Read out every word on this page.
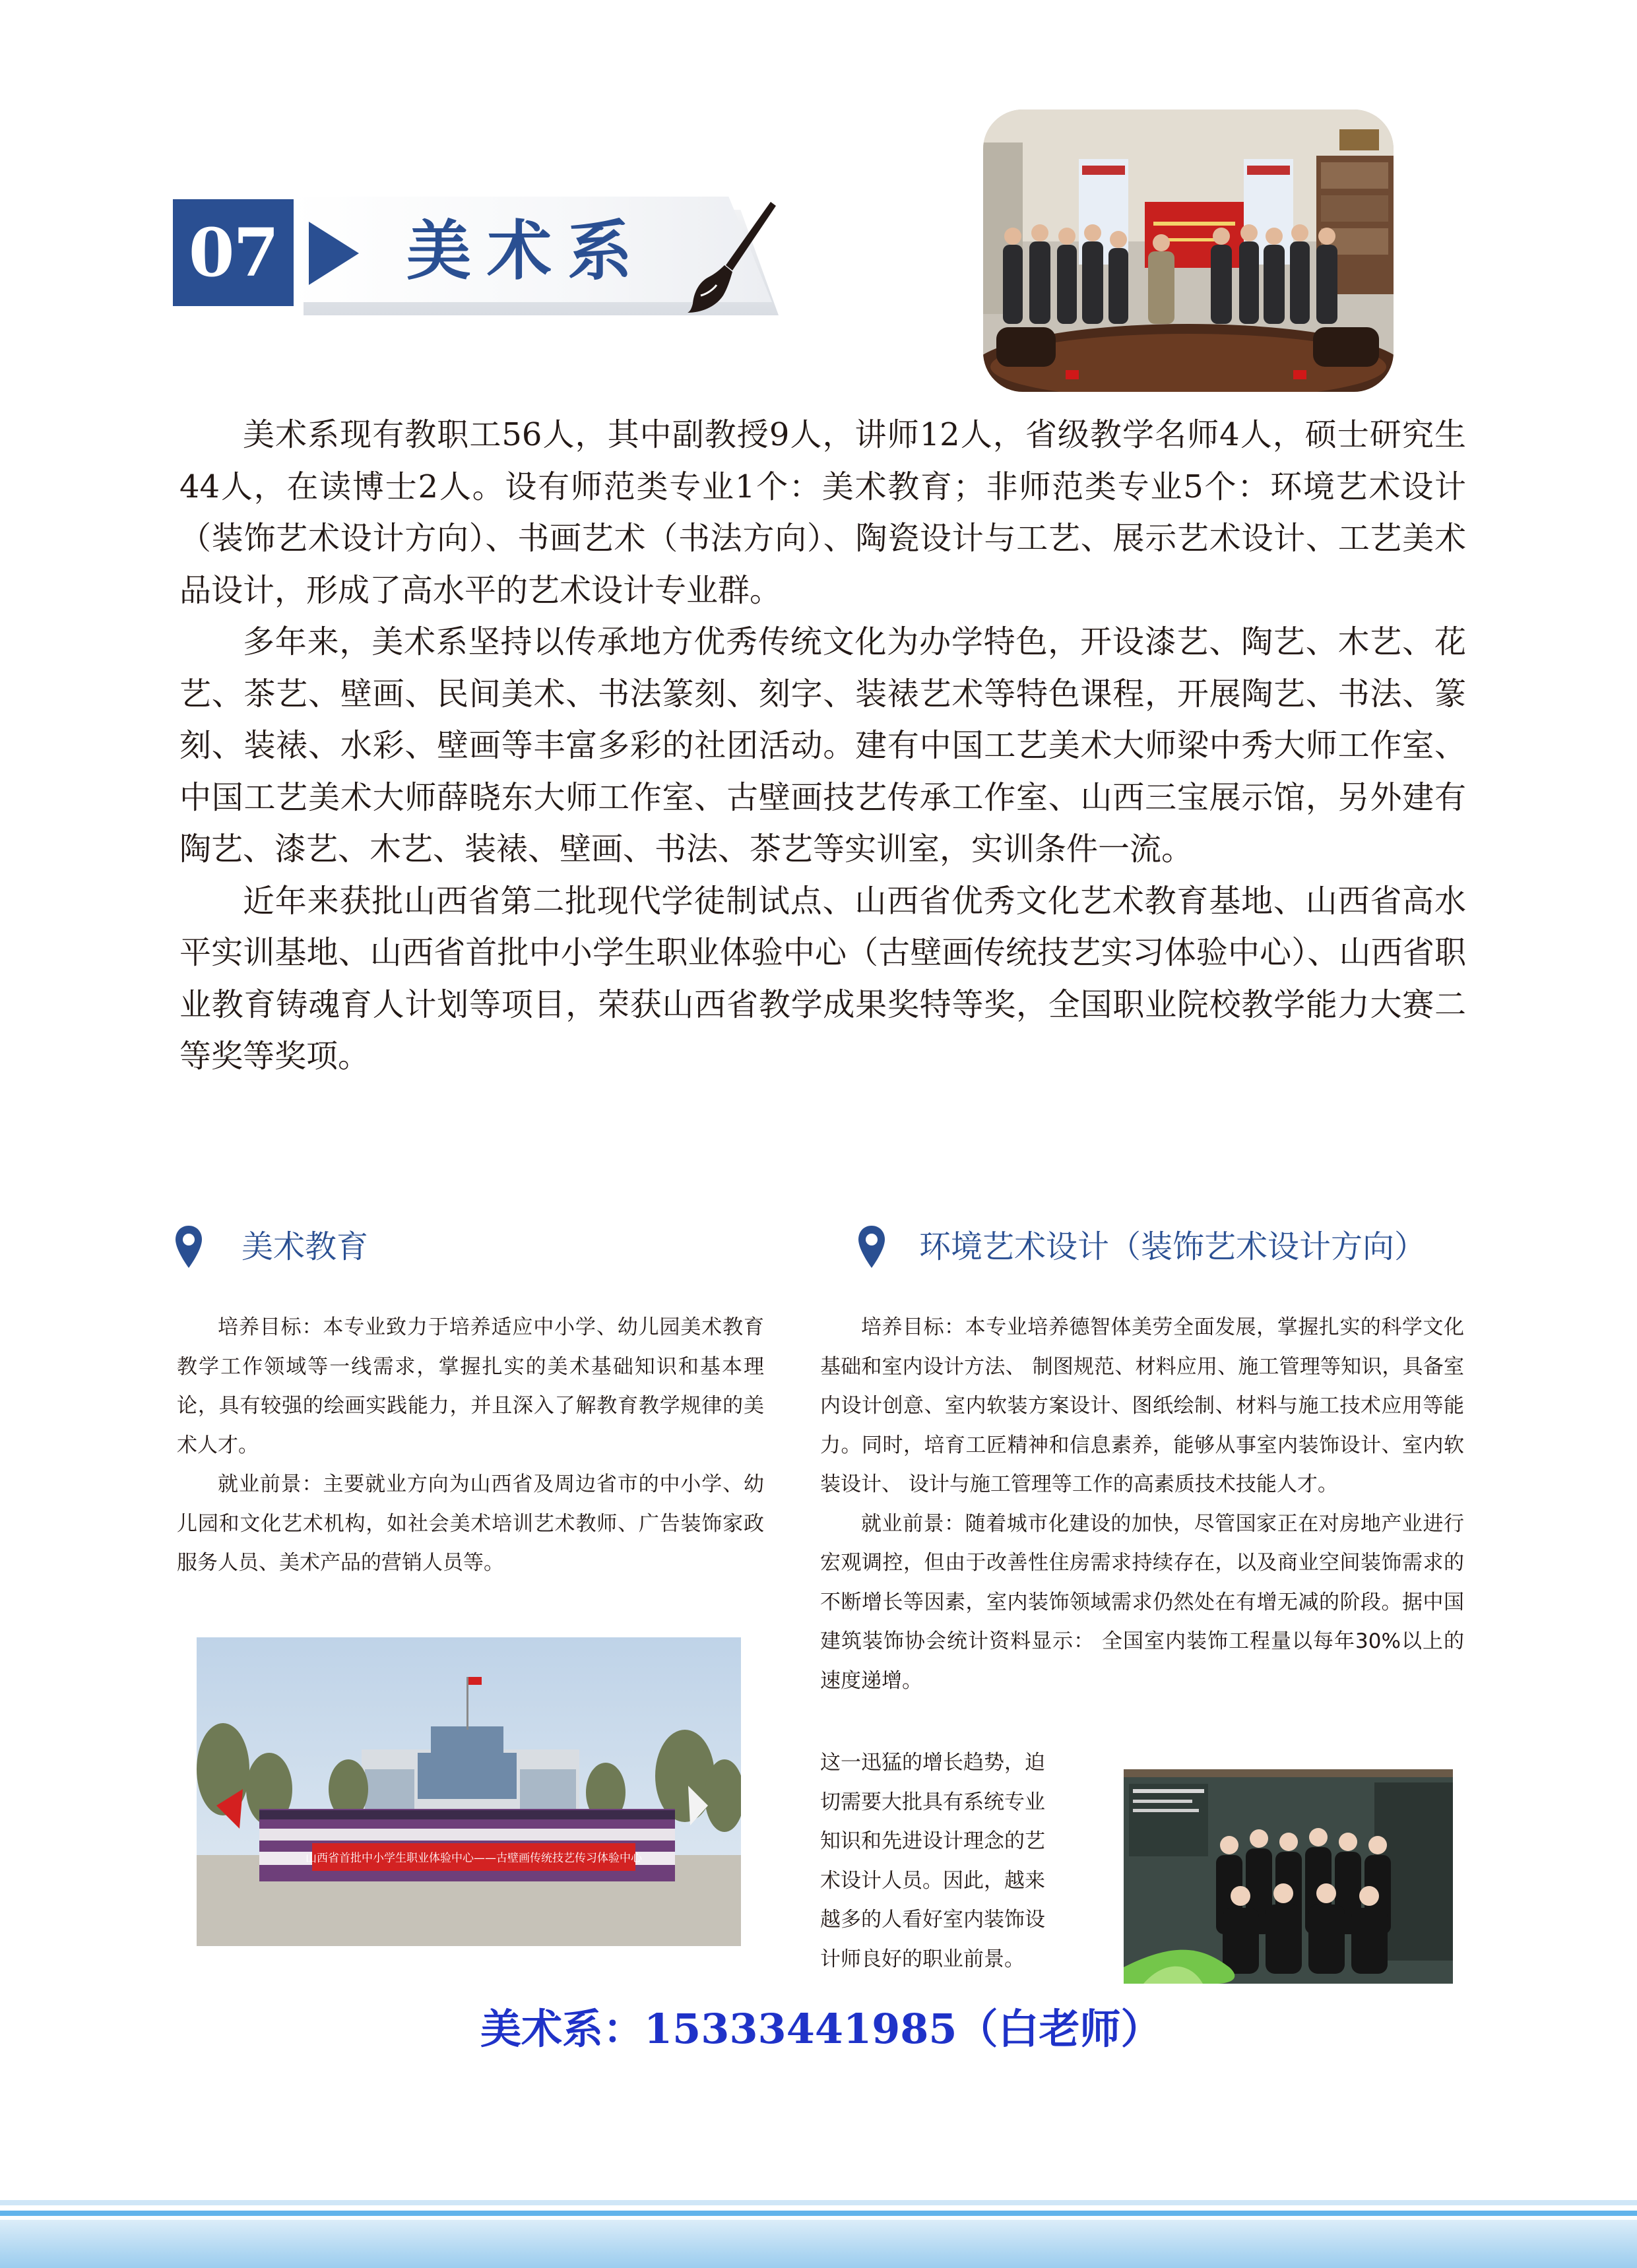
07 美术系

美术系现有教职工56人，其中副教授9人，讲师12人，省级教学名师4人，硕士研究生44人，在读博士2人。设有师范类专业1个：美术教育；非师范类专业5个：环境艺术设计（装饰艺术设计方向）、书画艺术（书法方向）、陶瓷设计与工艺、展示艺术设计、工艺美术品设计，形成了高水平的艺术设计专业群。

多年来，美术系坚持以传承地方优秀传统文化为办学特色，开设漆艺、陶艺、木艺、花艺、茶艺、壁画、民间美术、书法篆刻、刻字、装裱艺术等特色课程，开展陶艺、书法、篆刻、装裱、水彩、壁画等丰富多彩的社团活动。建有中国工艺美术大师梁中秀大师工作室、中国工艺美术大师薛晓东大师工作室、古壁画技艺传承工作室、山西三宝展示馆，另外建有陶艺、漆艺、木艺、装裱、壁画、书法、茶艺等实训室，实训条件一流。

近年来获批山西省第二批现代学徒制试点、山西省优秀文化艺术教育基地、山西省高水平实训基地、山西省首批中小学生职业体验中心（古壁画传统技艺实习体验中心）、山西省职业教育铸魂育人计划等项目，荣获山西省教学成果奖特等奖，全国职业院校教学能力大赛二等奖等奖项。

美术教育

培养目标：本专业致力于培养适应中小学、幼儿园美术教育教学工作领域等一线需求，掌握扎实的美术基础知识和基本理论，具有较强的绘画实践能力，并且深入了解教育教学规律的美术人才。

就业前景：主要就业方向为山西省及周边省市的中小学、幼儿园和文化艺术机构，如社会美术培训艺术教师、广告装饰家政服务人员、美术产品的营销人员等。

山西省首批中小学生职业体验中心——古壁画传统技艺传习体验中心
环境艺术设计（装饰艺术设计方向）

培养目标：本专业培养德智体美劳全面发展，掌握扎实的科学文化基础和室内设计方法、 制图规范、材料应用、施工管理等知识，具备室内设计创意、室内软装方案设计、图纸绘制、材料与施工技术应用等能力。同时，培育工匠精神和信息素养，能够从事室内装饰设计、室内软装设计、 设计与施工管理等工作的高素质技术技能人才。

就业前景：随着城市化建设的加快，尽管国家正在对房地产业进行宏观调控，但由于改善性住房需求持续存在，以及商业空间装饰需求的不断增长等因素，室内装饰领域需求仍然处在有增无减的阶段。据中国建筑装饰协会统计资料显示： 全国室内装饰工程量以每年30%以上的速度递增。

这一迅猛的增长趋势，迫
切需要大批具有系统专业
知识和先进设计理念的艺
术设计人员。因此，越来
越多的人看好室内装饰设
计师良好的职业前景。
美术系：15333441985（白老师）
